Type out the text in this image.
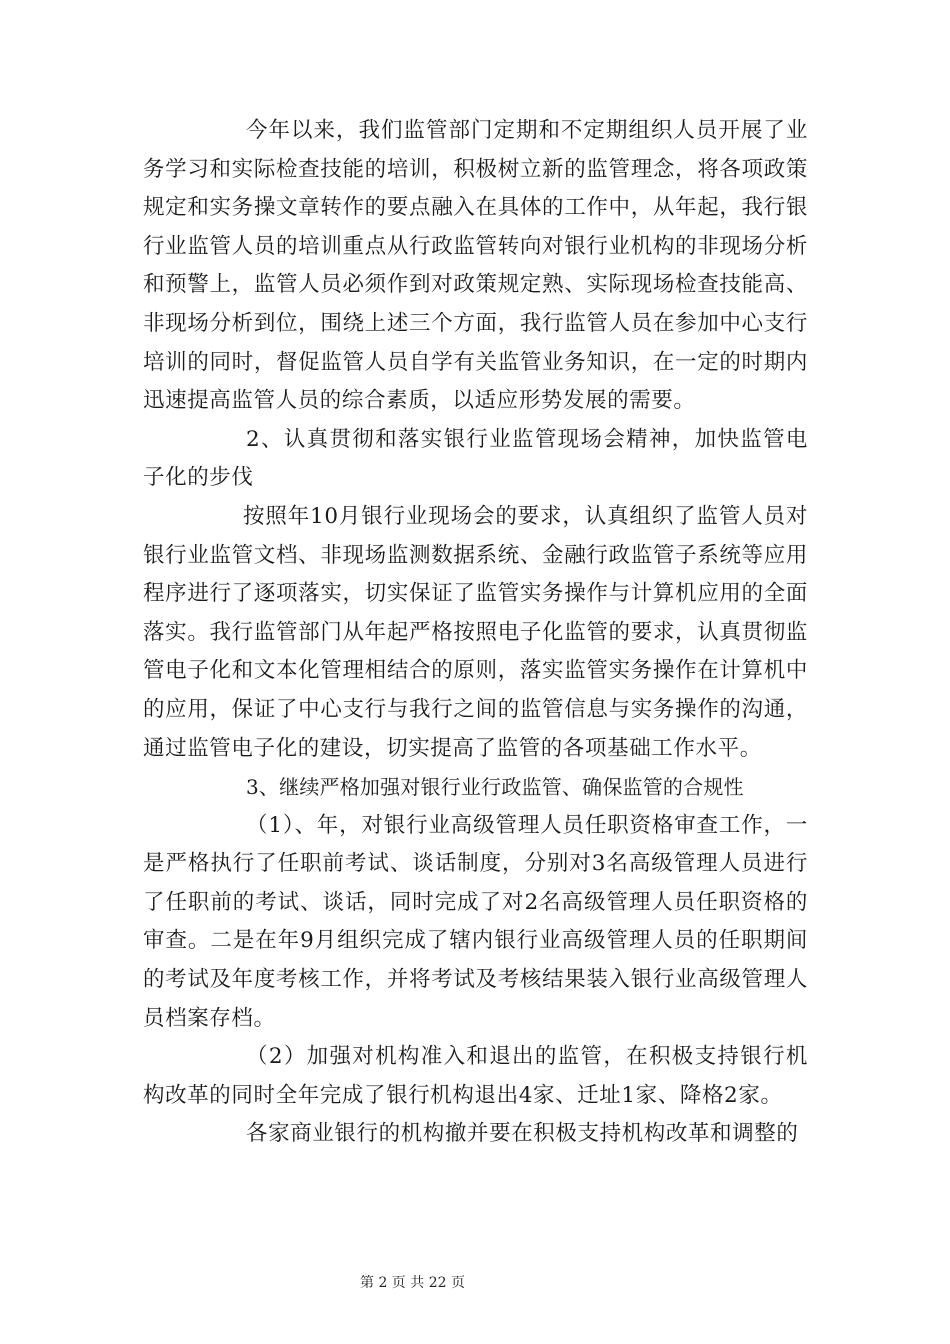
今年以来，我们监管部门定期和不定期组织人员开展了业务学习和实际检查技能的培训，积极树立新的监管理念，将各项政策规定和实务操文章转作的要点融入在具体的工作中，从年起，我行银行业监管人员的培训重点从行政监管转向对银行业机构的非现场分析和预警上，监管人员必须作到对政策规定熟、实际现场检查技能高、非现场分析到位，围绕上述三个方面，我行监管人员在参加中心支行培训的同时，督促监管人员自学有关监管业务知识，在一定的时期内迅速提高监管人员的综合素质，以适应形势发展的需要。

2、认真贯彻和落实银行业监管现场会精神，加快监管电子化的步伐

按照年10月银行业现场会的要求，认真组织了监管人员对银行业监管文档、非现场监测数据系统、金融行政监管子系统等应用程序进行了逐项落实，切实保证了监管实务操作与计算机应用的全面落实。我行监管部门从年起严格按照电子化监管的要求，认真贯彻监管电子化和文本化管理相结合的原则，落实监管实务操作在计算机中的应用，保证了中心支行与我行之间的监管信息与实务操作的沟通，通过监管电子化的建设，切实提高了监管的各项基础工作水平。

3、继续严格加强对银行业行政监管、确保监管的合规性

（1）、年，对银行业高级管理人员任职资格审查工作，一是严格执行了任职前考试、谈话制度，分别对3名高级管理人员进行了任职前的考试、谈话，同时完成了对2名高级管理人员任职资格的审查。二是在年9月组织完成了辖内银行业高级管理人员的任职期间的考试及年度考核工作，并将考试及考核结果装入银行业高级管理人员档案存档。

（2）加强对机构准入和退出的监管，在积极支持银行机构改革的同时全年完成了银行机构退出4家、迁址1家、降格2家。

各家商业银行的机构撤并要在积极支持机构改革和调整的

第 2 页 共 22 页
